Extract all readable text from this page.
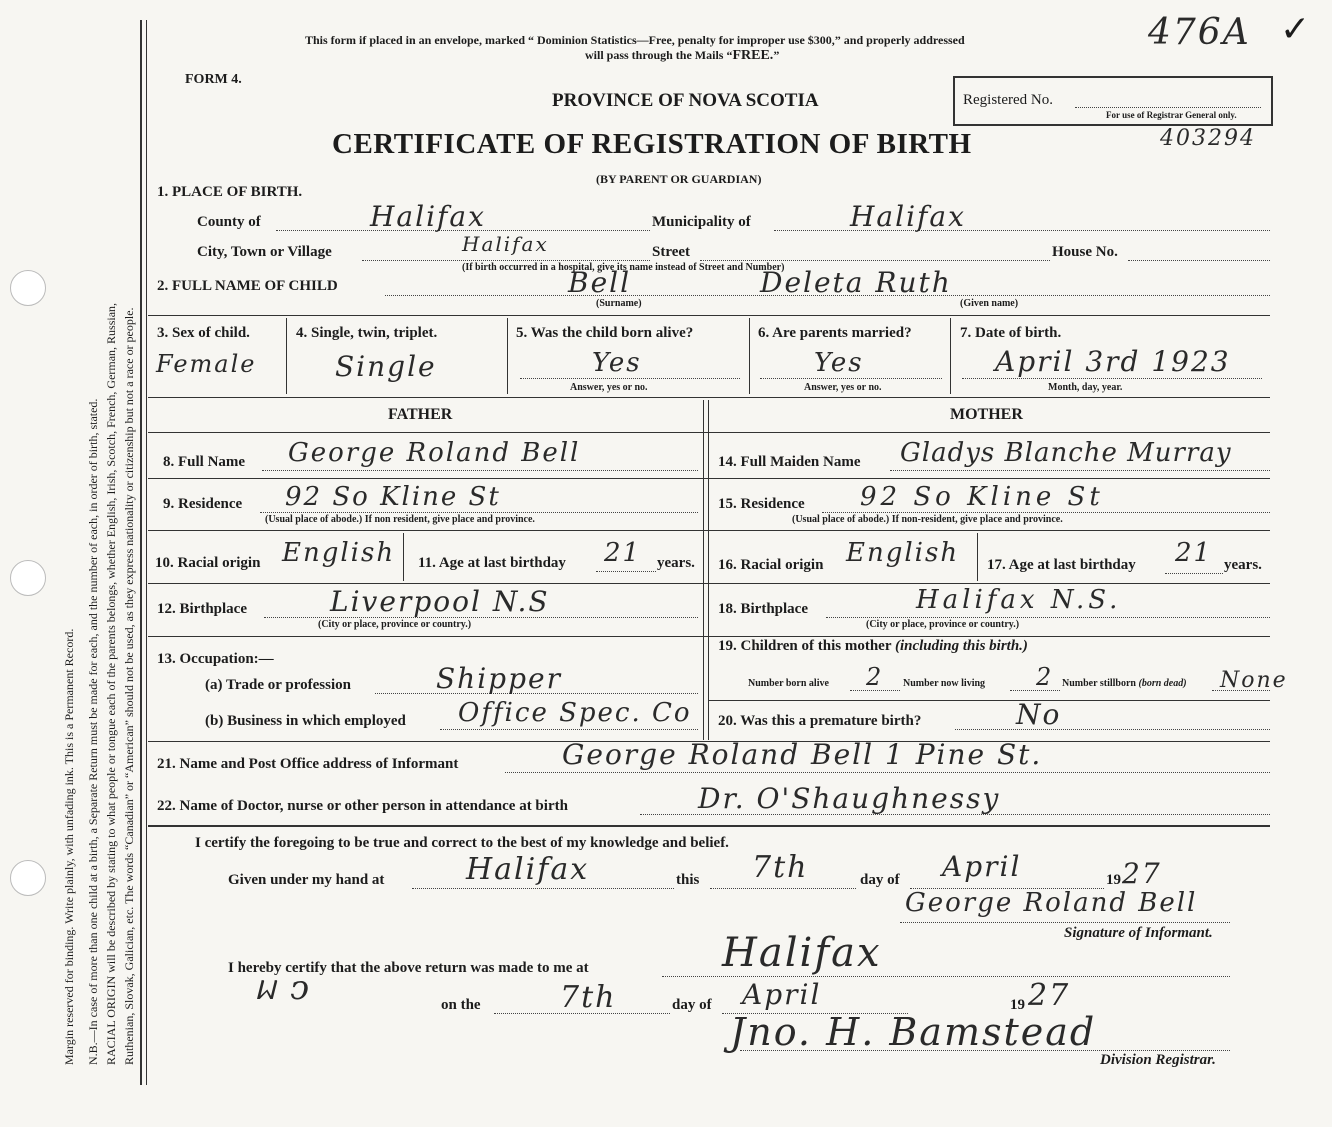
Margin reserved for binding. Write plainly, with unfading ink. This is a Permanent Record. N.B.—In case of more than one child at a birth, a Separate Return must be made for each, and the number of each, in order of birth, stated. RACIAL ORIGIN will be described by stating to what people or tongue each of the parents belongs, whether English, Irish, Scotch, French, German, Russian, Ruthenian, Slovak, Galician, etc. The words “Canadian” or “American” should not be used, as they express nationality or citizenship but not a race or people.
This form if placed in an envelope, marked “ Dominion Statistics—Free, penalty for improper use $300,” and properly addressed
will pass through the Mails “FREE.”
476A ✓
FORM 4.
PROVINCE OF NOVA SCOTIA	Registered No.
For use of Registrar General only.
403294
CERTIFICATE OF REGISTRATION OF BIRTH
(BY PARENT OR GUARDIAN)
1. PLACE OF BIRTH.
County of	Halifax	Municipality of	Halifax
City, Town or Village	Halifax	Street	House No.
(If birth occurred in a hospital, give its name instead of Street and Number)
2. FULL NAME OF CHILD	Bell
(Surname)
Deleta Ruth
(Given name)
3. Sex of child.
Female
4. Single, twin, triplet.
Single
5. Was the child born alive?
Yes
Answer, yes or no.
6. Are parents married?
Yes
Answer, yes or no.
7. Date of birth.
April 3rd 1923
Month, day, year.
FATHER	MOTHER
8. Full Name George Roland Bell
9. Residence 92 So Kline St
(Usual place of abode.) If non resident, give place and province.
10. Racial origin English 11. Age at last birthday 21 years.
12. Birthplace	Liverpool N.S
(City or place, province or country.)
13. Occupation:—
(a) Trade or profession	Shipper
(b) Business in which employed Office Spec. Co
14. Full Maiden Name Gladys Blanche Murray
15. Residence 92 So Kline St
(Usual place of abode.) If non-resident, give place and province.
16. Racial origin English 17. Age at last birthday 21 years.
18. Birthplace	Halifax N.S.
(City or place, province or country.)
19. Children of this mother (including this birth.)
Number born alive 2 Number now living 2 Number stillborn (born dead) None
20. Was this a premature birth?	No
21. Name and Post Office address of Informant	George Roland Bell 1 Pine St.
22. Name of Doctor, nurse or other person in attendance at birth	Dr. O'Shaughnessy
I certify the foregoing to be true and correct to the best of my knowledge and belief.
Given under my hand at	Halifax	this 7th	day of April	19 27
George Roland Bell
Signature of Informant.
I hereby certify that the above return was made to me at	Halifax
ᥕ ͻ	on the	7th	day of April	19 27
Jno. H. Bamstead
Division Registrar.
